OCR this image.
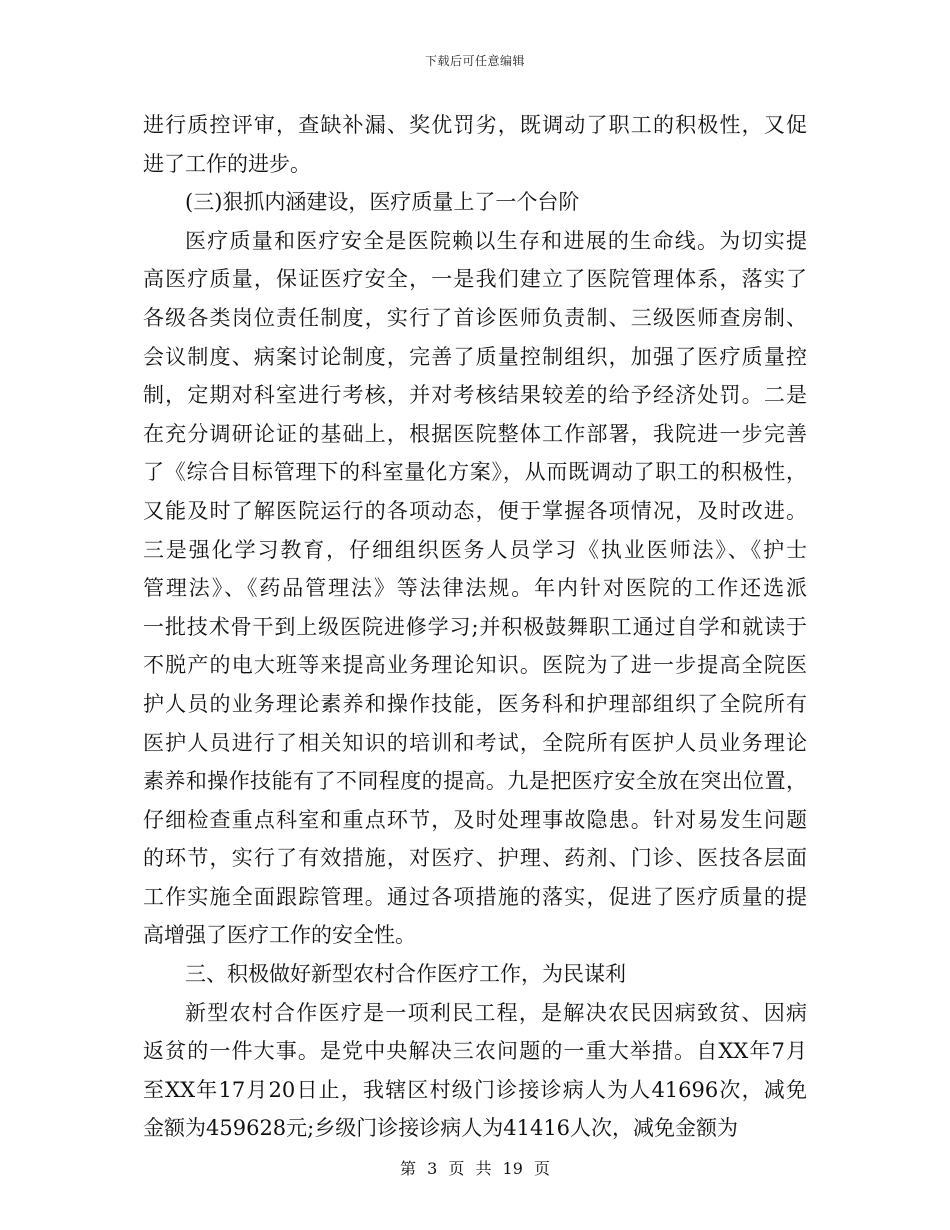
下载后可任意编辑
进行质控评审，查缺补漏、奖优罚劣，既调动了职工的积极性，又促
进了工作的进步。
(三)狠抓内涵建设，医疗质量上了一个台阶
医疗质量和医疗安全是医院赖以生存和进展的生命线。为切实提
高医疗质量，保证医疗安全，一是我们建立了医院管理体系，落实了
各级各类岗位责任制度，实行了首诊医师负责制、三级医师查房制、
会议制度、病案讨论制度，完善了质量控制组织，加强了医疗质量控
制，定期对科室进行考核，并对考核结果较差的给予经济处罚。二是
在充分调研论证的基础上，根据医院整体工作部署，我院进一步完善
了《综合目标管理下的科室量化方案》，从而既调动了职工的积极性，
又能及时了解医院运行的各项动态，便于掌握各项情况，及时改进。
三是强化学习教育，仔细组织医务人员学习《执业医师法》、《护士
管理法》、《药品管理法》等法律法规。年内针对医院的工作还选派
一批技术骨干到上级医院进修学习;并积极鼓舞职工通过自学和就读于
不脱产的电大班等来提高业务理论知识。医院为了进一步提高全院医
护人员的业务理论素养和操作技能，医务科和护理部组织了全院所有
医护人员进行了相关知识的培训和考试，全院所有医护人员业务理论
素养和操作技能有了不同程度的提高。九是把医疗安全放在突出位置，
仔细检查重点科室和重点环节，及时处理事故隐患。针对易发生问题
的环节，实行了有效措施，对医疗、护理、药剂、门诊、医技各层面
工作实施全面跟踪管理。通过各项措施的落实，促进了医疗质量的提
高增强了医疗工作的安全性。
三、积极做好新型农村合作医疗工作，为民谋利
新型农村合作医疗是一项利民工程，是解决农民因病致贫、因病
返贫的一件大事。是党中央解决三农问题的一重大举措。自XX年7月
至XX年17月20日止，我辖区村级门诊接诊病人为人41696次，减免
金额为459628元;乡级门诊接诊病人为41416人次，减免金额为
第 3 页 共 19 页
